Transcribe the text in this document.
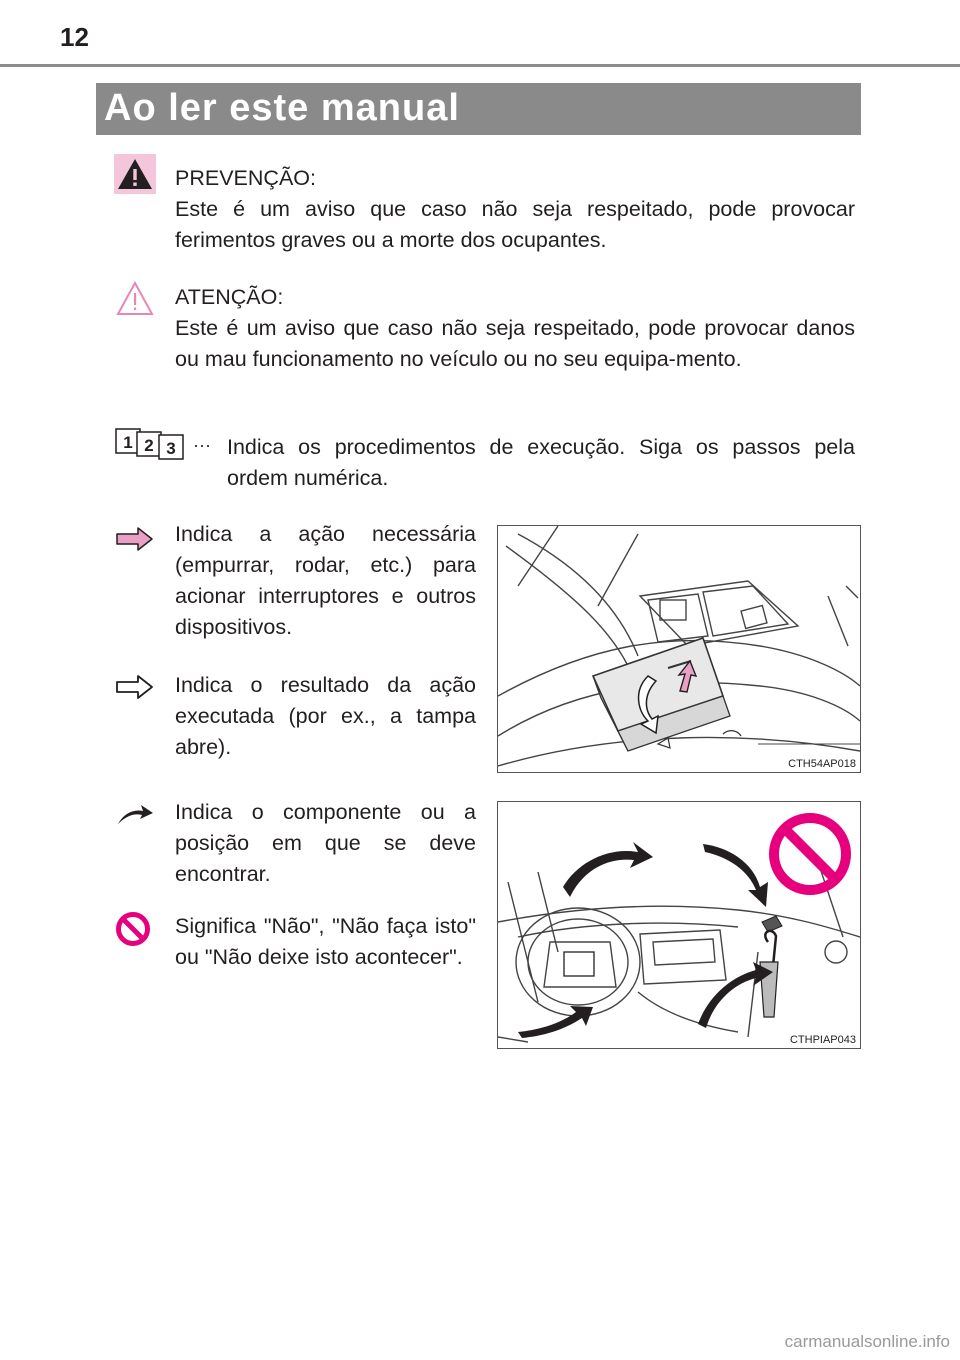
12
Ao ler este manual
PREVENÇÃO:
Este é um aviso que caso não seja respeitado, pode provocar ferimentos graves ou a morte dos ocupantes.
ATENÇÃO:
Este é um aviso que caso não seja respeitado, pode provocar danos ou mau funcionamento no veículo ou no seu equipa-mento.
1 2 3 ··· Indica os procedimentos de execução. Siga os passos pela ordem numérica.
Indica a ação necessária (empurrar, rodar, etc.) para acionar interruptores e outros dispositivos.
Indica o resultado da ação executada (por ex., a tampa abre).
Indica o componente ou a posição em que se deve encontrar.
Significa "Não", "Não faça isto" ou "Não deixe isto acontecer".
CTH54AP018
CTHPIAP043
carmanualsonline.info
